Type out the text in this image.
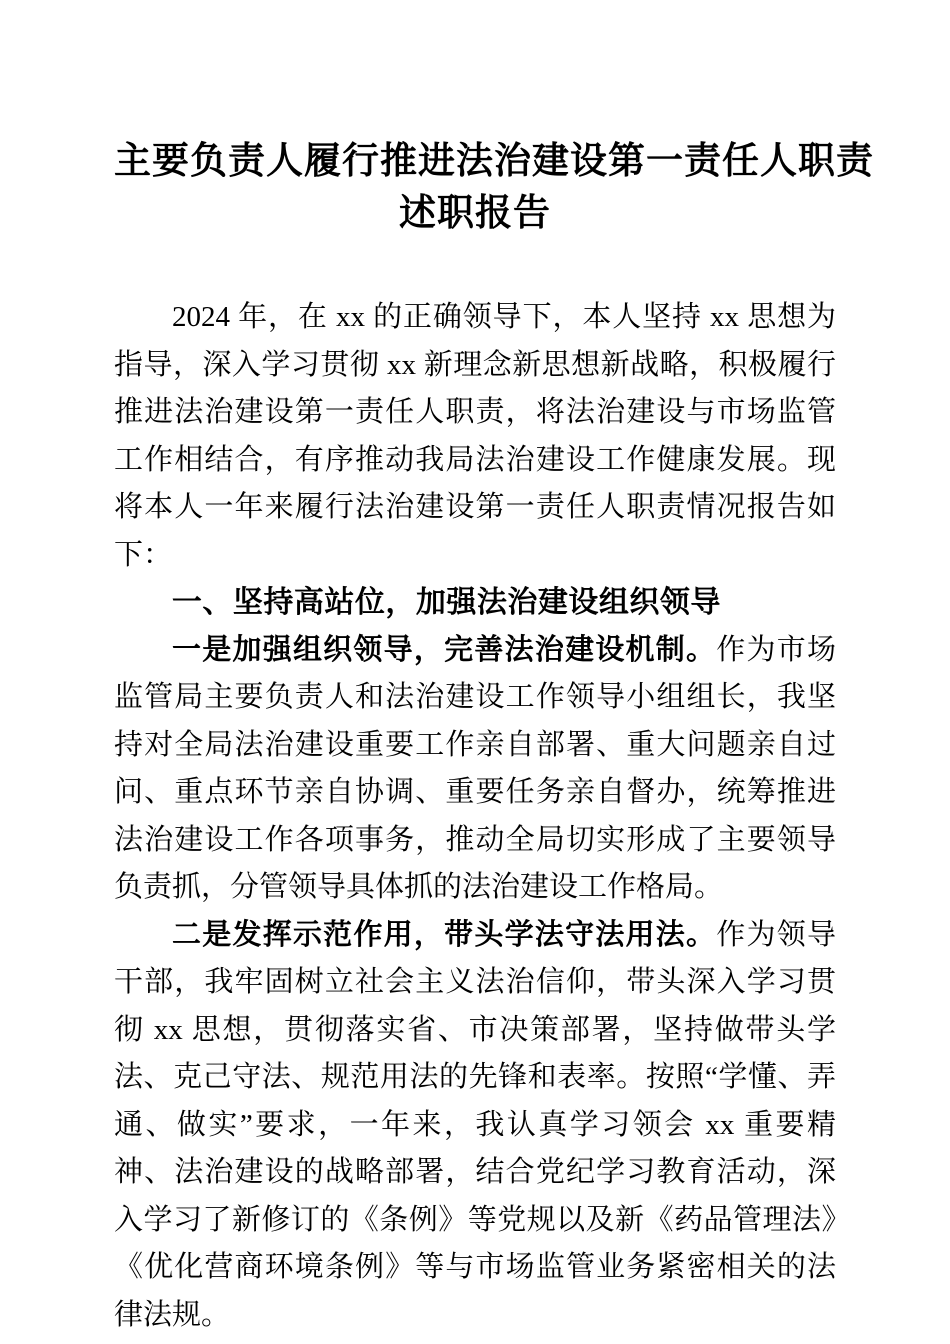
主要负责人履行推进法治建设第一责任人职责
述职报告

2024 年，在 xx 的正确领导下，本人坚持 xx 思想为指导，深入学习贯彻 xx 新理念新思想新战略，积极履行推进法治建设第一责任人职责，将法治建设与市场监管工作相结合，有序推动我局法治建设工作健康发展。现将本人一年来履行法治建设第一责任人职责情况报告如下：

一、坚持高站位，加强法治建设组织领导

一是加强组织领导，完善法治建设机制。作为市场监管局主要负责人和法治建设工作领导小组组长，我坚持对全局法治建设重要工作亲自部署、重大问题亲自过问、重点环节亲自协调、重要任务亲自督办，统筹推进法治建设工作各项事务，推动全局切实形成了主要领导负责抓，分管领导具体抓的法治建设工作格局。

二是发挥示范作用，带头学法守法用法。作为领导干部，我牢固树立社会主义法治信仰，带头深入学习贯彻 xx 思想，贯彻落实省、市决策部署，坚持做带头学法、克己守法、规范用法的先锋和表率。按照“学懂、弄通、做实”要求，一年来，我认真学习领会 xx 重要精神、法治建设的战略部署，结合党纪学习教育活动，深入学习了新修订的《条例》等党规以及新《药品管理法》《优化营商环境条例》等与市场监管业务紧密相关的法律法规。
